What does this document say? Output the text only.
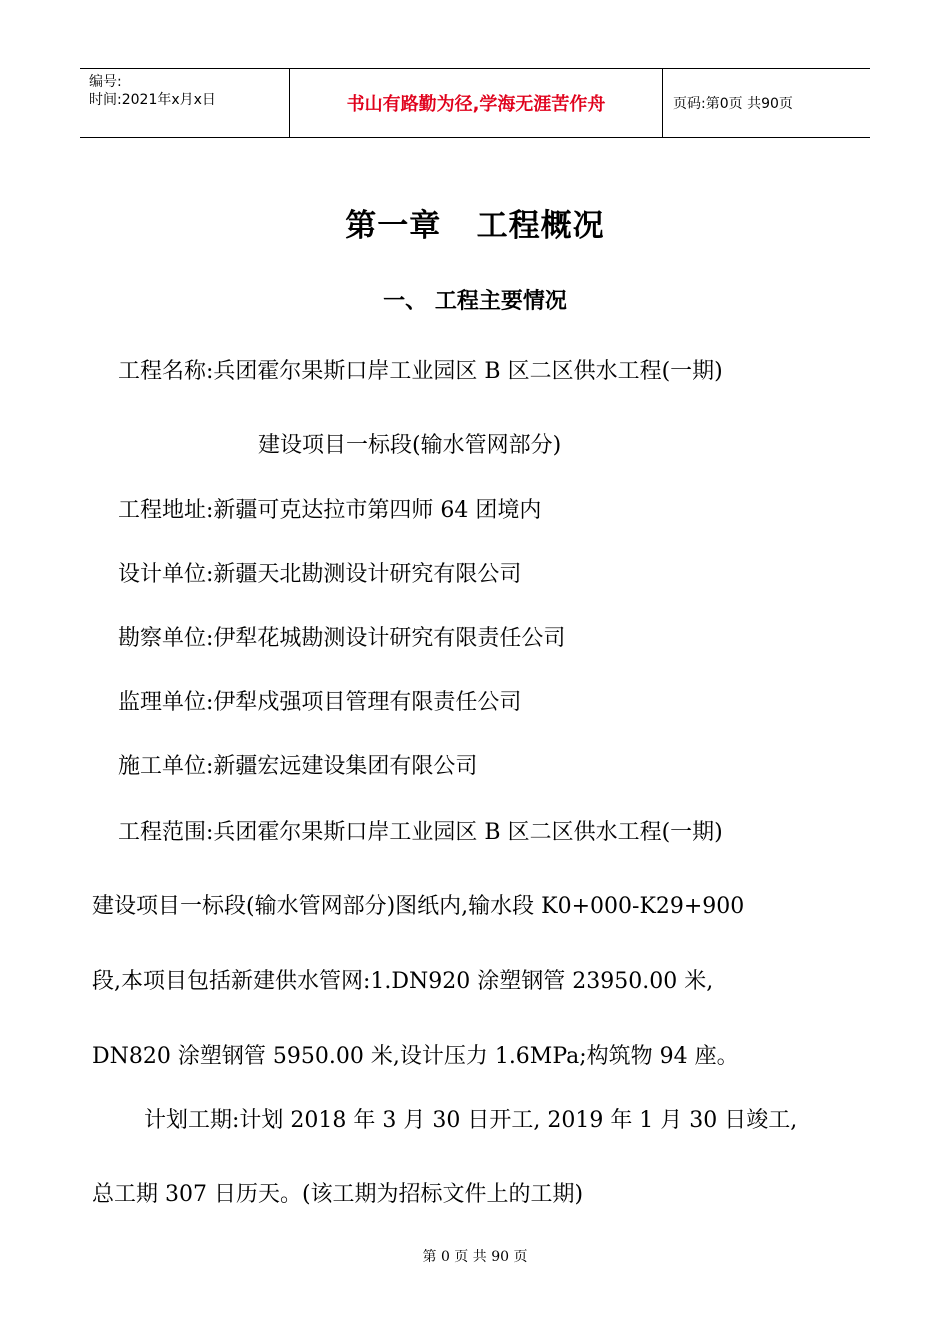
编号:
时间:2021年x月x日	书山有路勤为径,学海无涯苦作舟	页码:第0页 共90页
第一章   工程概况
一、 工程主要情况
工程名称:兵团霍尔果斯口岸工业园区 B 区二区供水工程(一期)
建设项目一标段(输水管网部分)
工程地址:新疆可克达拉市第四师 64 团境内
设计单位:新疆天北勘测设计研究有限公司
勘察单位:伊犁花城勘测设计研究有限责任公司
监理单位:伊犁戍强项目管理有限责任公司
施工单位:新疆宏远建设集团有限公司
工程范围:兵团霍尔果斯口岸工业园区 B 区二区供水工程(一期)
建设项目一标段(输水管网部分)图纸内,输水段 K0+000-K29+900
段,本项目包括新建供水管网:1.DN920 涂塑钢管 23950.00 米,
DN820 涂塑钢管 5950.00 米,设计压力 1.6MPa;构筑物 94 座。
计划工期:计划 2018 年 3 月 30 日开工, 2019 年 1 月 30 日竣工,
总工期 307 日历天。(该工期为招标文件上的工期)
第 0 页 共 90 页
